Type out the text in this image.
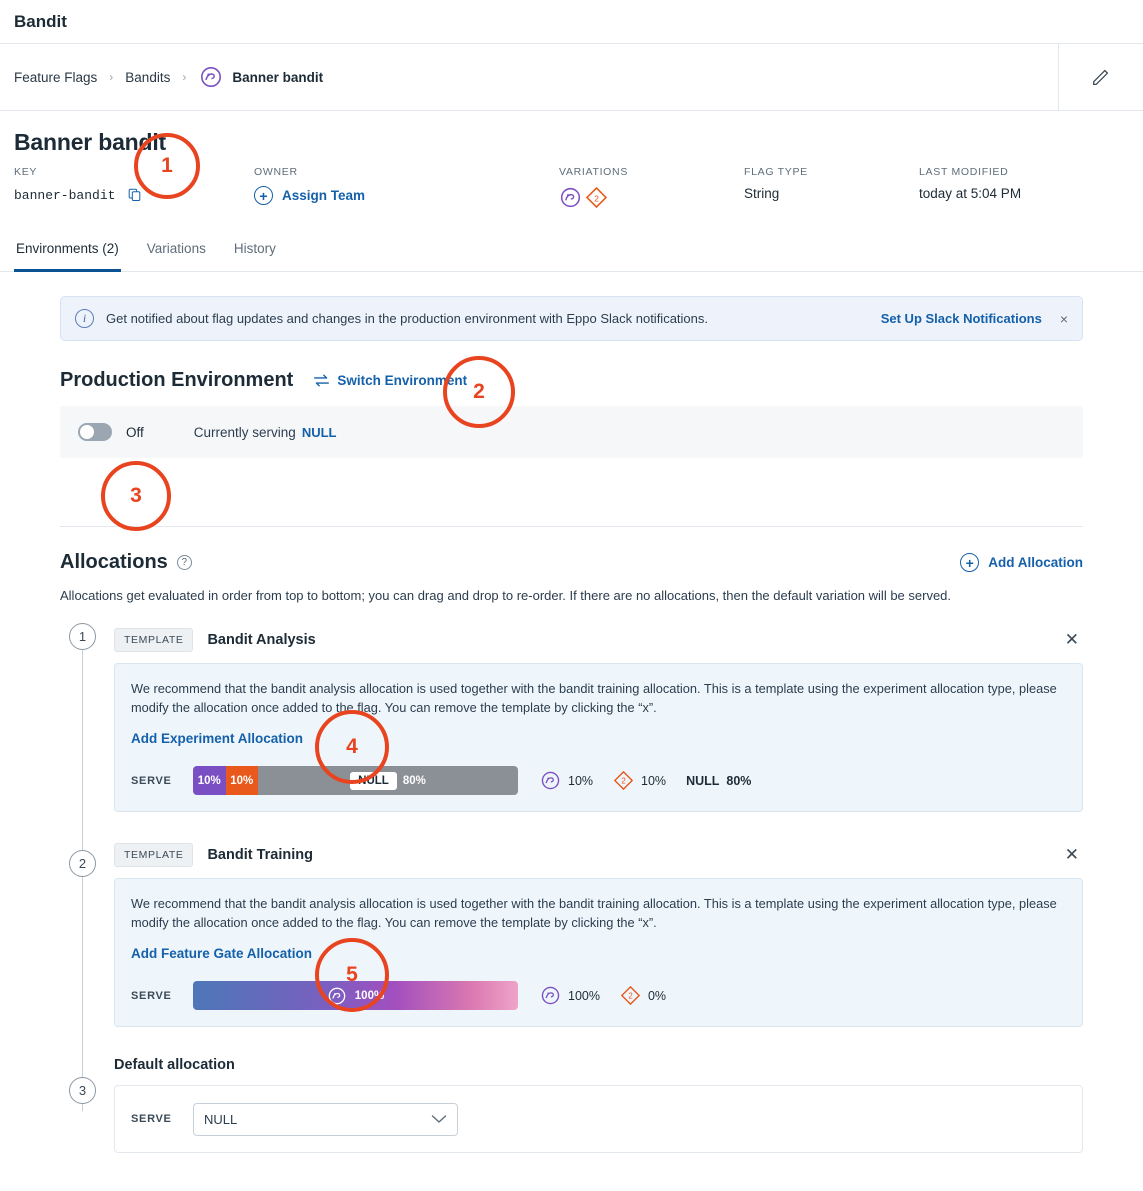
Bandit
Feature Flags › Bandits ›	Banner bandit
Banner bandit
KEY
banner-bandit
OWNER
+	Assign Team
VARIATIONS
2
FLAG TYPE
String
LAST MODIFIED
today at 5:04 PM
Environments (2) Variations History
i	Get notified about flag updates and changes in the production environment with Eppo Slack notifications.	Set Up Slack Notifications ×
Production Environment	Switch Environment
Off	Currently serving NULL
Allocations	?	+	Add Allocation
Allocations get evaluated in order from top to bottom; you can drag and drop to re-order. If there are no allocations, then the default variation will be served.
1
2
3
TEMPLATE	Bandit Analysis	✕

We recommend that the bandit analysis allocation is used together with the bandit training allocation. This is a template using the experiment allocation type, please modify the allocation once added to the flag. You can remove the template by clicking the “x”.

Add Experiment Allocation
SERVE	10% 10%	NULL	80%	10%	2 10% NULL 80%
TEMPLATE	Bandit Training	✕

We recommend that the bandit analysis allocation is used together with the bandit training allocation. This is a template using the experiment allocation type, please modify the allocation once added to the flag. You can remove the template by clicking the “x”.

Add Feature Gate Allocation
SERVE	100%	100%	2 0%
Default allocation
SERVE	NULL
1
2
3
4
5
